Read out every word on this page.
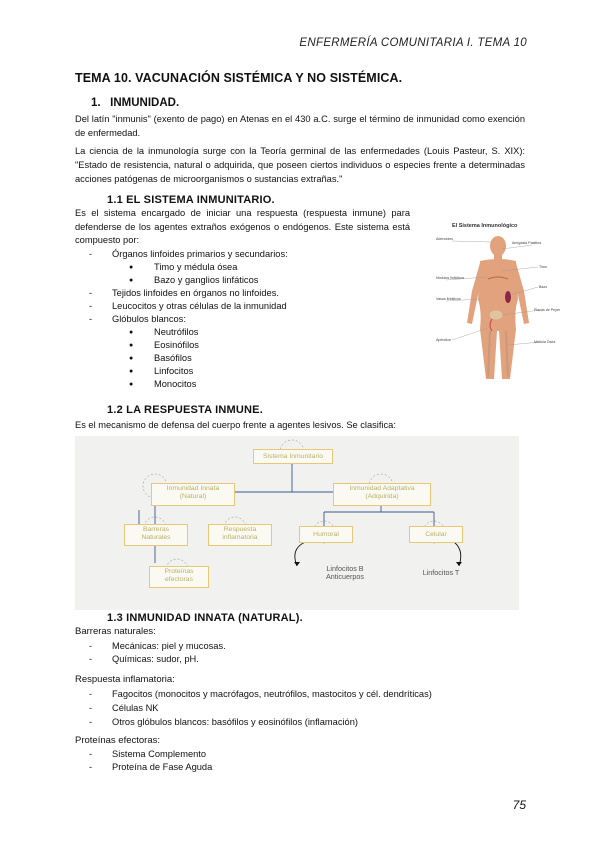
ENFERMERÍA COMUNITARIA I. TEMA 10
TEMA 10. VACUNACIÓN SISTÉMICA Y NO SISTÉMICA.
1.   INMUNIDAD.
Del latín "inmunis" (exento de pago) en Atenas en el 430 a.C. surge el término de inmunidad como exención de enfermedad.
La ciencia de la inmunología surge con la Teoría germinal de las enfermedades (Louis Pasteur, S. XIX): "Estado de resistencia, natural o adquirida, que poseen ciertos individuos o especies frente a determinadas acciones patógenas de microorganismos o sustancias extrañas."
1.1 EL SISTEMA INMUNITARIO.
Es el sistema encargado de iniciar una respuesta (respuesta inmune) para defenderse de los agentes extraños exógenos o endógenos. Este sistema está compuesto por:
- Órganos linfoides primarios y secundarios:
● Timo y médula ósea
● Bazo y ganglios linfáticos
- Tejidos linfoides en órganos no linfoides.
- Leucocitos y otras células de la inmunidad
- Glóbulos blancos:
● Neutrófilos
● Eosinófilos
● Basófilos
● Linfocitos
● Monocitos
El Sistema Inmunológico
Adenoides
Amígdala Palatina
Timo
Nódulos linfáticos
Bazo
Vasos linfáticos
Placas de Peyer
Apéndice	Médula Ósea
1.2 LA RESPUESTA INMUNE.
Es el mecanismo de defensa del cuerpo frente a agentes lesivos. Se clasifica:
Sistema Inmunitario
Inmunidad Innata
(Natural)
Inmunidad Adaptativa
(Adquirida)
Barreras
Naturales
Respuesta
inflamatoria
Proteínas
efectoras
Humoral	Celular
Linfocitos B
Anticuerpos	Linfocitos T
1.3 INMUNIDAD INNATA (NATURAL).
Barreras naturales:
- Mecánicas: piel y mucosas.
- Químicas: sudor, pH.
Respuesta inflamatoria:
- Fagocitos (monocitos y macrófagos, neutrófilos, mastocitos y cél. dendríticas)
- Células NK
- Otros glóbulos blancos: basófilos y eosinófilos (inflamación)
Proteínas efectoras:
- Sistema Complemento
- Proteína de Fase Aguda
75
